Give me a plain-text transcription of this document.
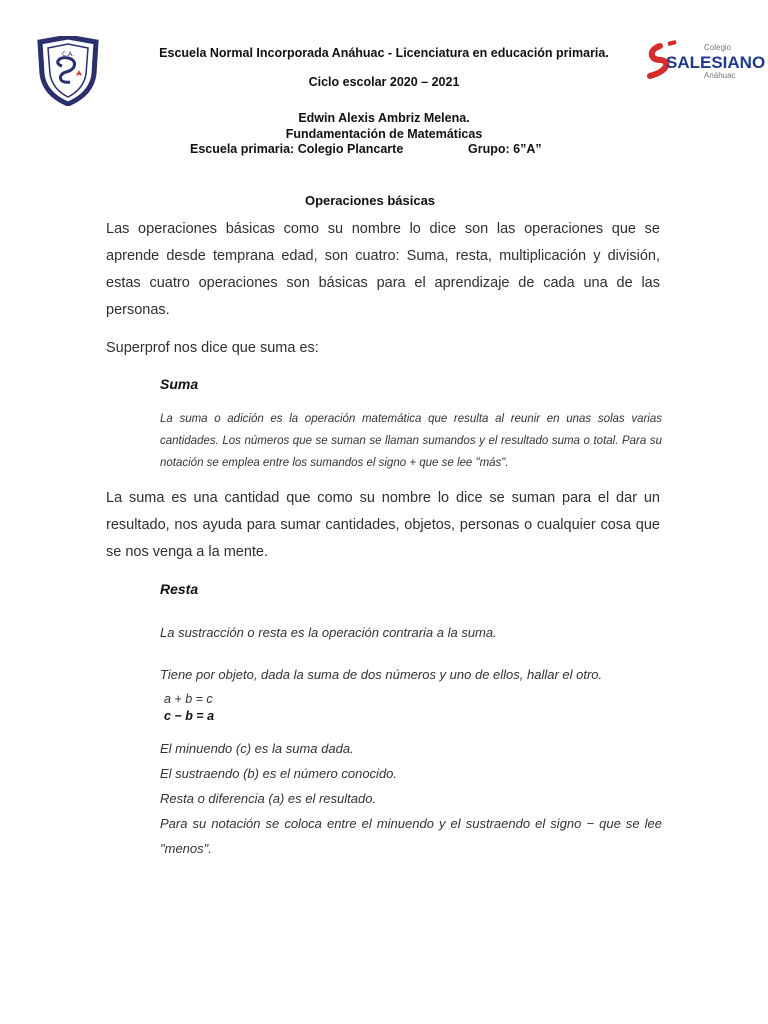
C.A.
Colegio
SALESIANO
Anáhuac
Escuela Normal Incorporada Anáhuac - Licenciatura en educación primaria.
Ciclo escolar 2020 – 2021
Edwin Alexis Ambriz Melena.
Fundamentación de Matemáticas
Escuela primaria: Colegio Plancarte	Grupo: 6”A”
Operaciones básicas
Las operaciones básicas como su nombre lo dice son las operaciones que se aprende desde temprana edad, son cuatro: Suma, resta, multiplicación y división, estas cuatro operaciones son básicas para el aprendizaje de cada una de las personas.
Superprof nos dice que suma es:
Suma
La suma o adición es la operación matemática que resulta al reunir en unas solas varias cantidades. Los números que se suman se llaman sumandos y el resultado suma o total. Para su notación se emplea entre los sumandos el signo + que se lee "más".
La suma es una cantidad que como su nombre lo dice se suman para el dar un resultado, nos ayuda para sumar cantidades, objetos, personas o cualquier cosa que se nos venga a la mente.
Resta
La sustracción o resta es la operación contraria a la suma.
Tiene por objeto, dada la suma de dos números y uno de ellos, hallar el otro.
a + b = c
c − b = a
El minuendo (c) es la suma dada.
El sustraendo (b) es el número conocido.
Resta o diferencia (a) es el resultado.
Para su notación se coloca entre el minuendo y el sustraendo el signo − que se lee "menos".
